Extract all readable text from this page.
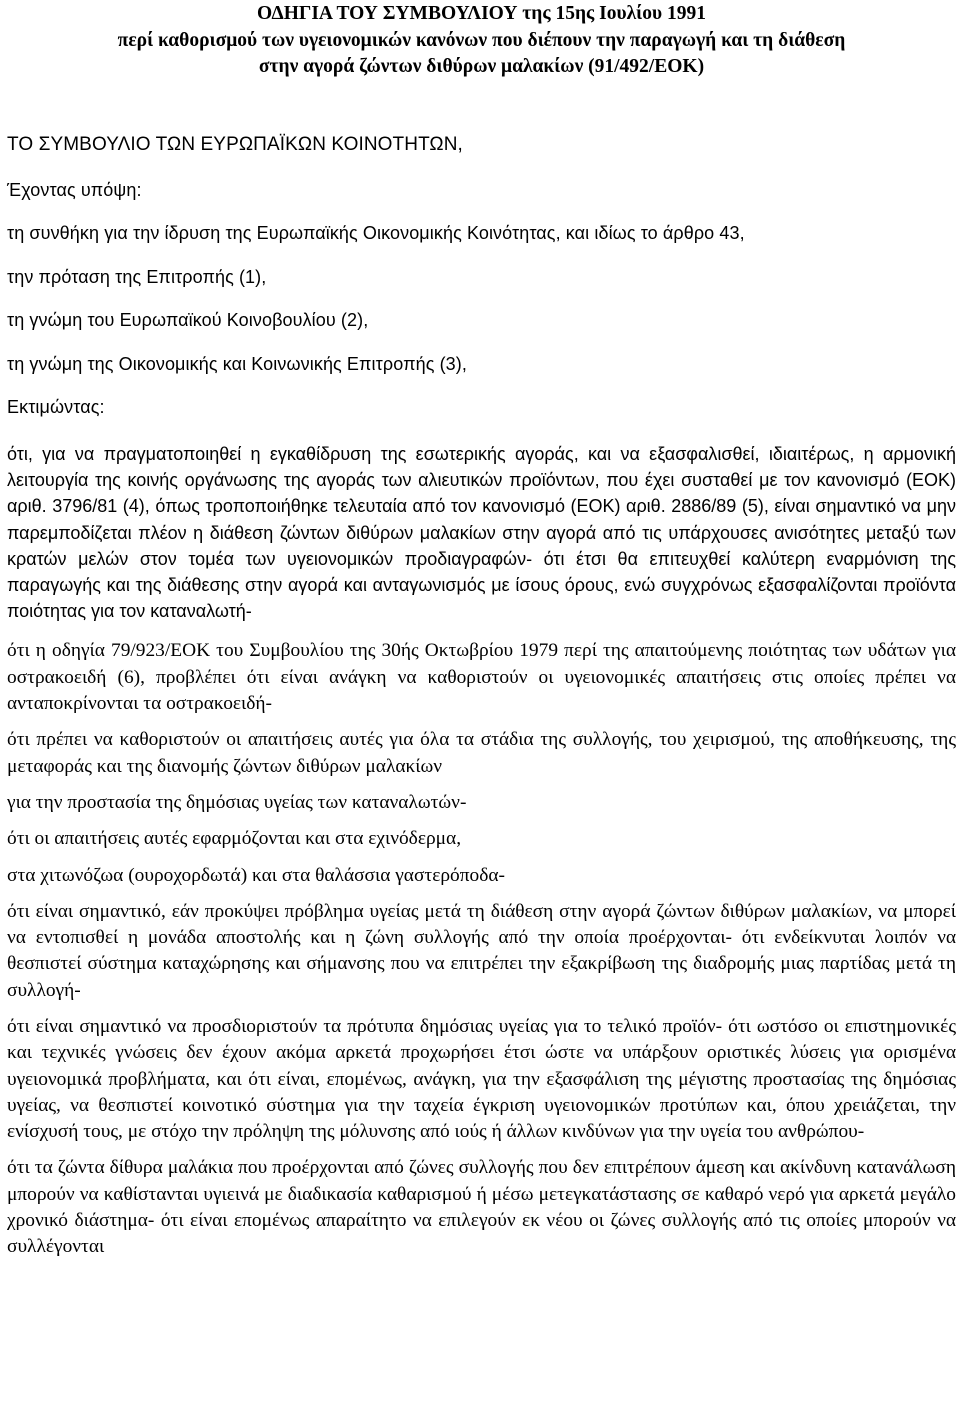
ΟΔΗΓΙΑ ΤΟΥ ΣΥΜΒΟΥΛΙΟΥ της 15ης Ιουλίου 1991
περί καθορισμού των υγειονομικών κανόνων που διέπουν την παραγωγή και τη διάθεση
στην αγορά ζώντων διθύρων μαλακίων (91/492/ΕΟΚ)

ΤΟ ΣΥΜΒΟΥΛΙΟ ΤΩΝ ΕΥΡΩΠΑΪΚΩΝ ΚΟΙΝΟΤΗΤΩΝ,

Έχοντας υπόψη:

τη συνθήκη για την ίδρυση της Ευρωπαϊκής Οικονομικής Κοινότητας, και ιδίως το άρθρο 43,

την πρόταση της Επιτροπής (1),

τη γνώμη του Ευρωπαϊκού Κοινοβουλίου (2),

τη γνώμη της Οικονομικής και Κοινωνικής Επιτροπής (3),

Εκτιμώντας:

ότι, για να πραγματοποιηθεί η εγκαθίδρυση της εσωτερικής αγοράς, και να εξασφαλισθεί, ιδιαιτέρως, η αρμονική λειτουργία της κοινής οργάνωσης της αγοράς των αλιευτικών προϊόντων, που έχει συσταθεί με τον κανονισμό (ΕΟΚ) αριθ. 3796/81 (4), όπως τροποποιήθηκε τελευταία από τον κανονισμό (ΕΟΚ) αριθ. 2886/89 (5), είναι σημαντικό να μην παρεμποδίζεται πλέον η διάθεση ζώντων διθύρων μαλακίων στην αγορά από τις υπάρχουσες ανισότητες μεταξύ των κρατών μελών στον τομέα των υγειονομικών προδιαγραφών- ότι έτσι θα επιτευχθεί καλύτερη εναρμόνιση της παραγωγής και της διάθεσης στην αγορά και ανταγωνισμός με ίσους όρους, ενώ συγχρόνως εξασφαλίζονται προϊόντα ποιότητας για τον καταναλωτή-

ότι η οδηγία 79/923/ΕΟΚ του Συμβουλίου της 30ής Οκτωβρίου 1979 περί της απαιτούμενης ποιότητας των υδάτων για οστρακοειδή (6), προβλέπει ότι είναι ανάγκη να καθοριστούν οι υγειονομικές απαιτήσεις στις οποίες πρέπει να ανταποκρίνονται τα οστρακοειδή-

ότι πρέπει να καθοριστούν οι απαιτήσεις αυτές για όλα τα στάδια της συλλογής, του χειρισμού, της αποθήκευσης, της μεταφοράς και της διανομής ζώντων διθύρων μαλακίων

για την προστασία της δημόσιας υγείας των καταναλωτών-

ότι οι απαιτήσεις αυτές εφαρμόζονται και στα εχινόδερμα,

στα χιτωνόζωα (ουροχορδωτά) και στα θαλάσσια γαστερόποδα-

ότι είναι σημαντικό, εάν προκύψει πρόβλημα υγείας μετά τη διάθεση στην αγορά ζώντων διθύρων μαλακίων, να μπορεί να εντοπισθεί η μονάδα αποστολής και η ζώνη συλλογής από την οποία προέρχονται- ότι ενδείκνυται λοιπόν να θεσπιστεί σύστημα καταχώρησης και σήμανσης που να επιτρέπει την εξακρίβωση της διαδρομής μιας παρτίδας μετά τη συλλογή-

ότι είναι σημαντικό να προσδιοριστούν τα πρότυπα δημόσιας υγείας για το τελικό προϊόν- ότι ωστόσο οι επιστημονικές και τεχνικές γνώσεις δεν έχουν ακόμα αρκετά προχωρήσει έτσι ώστε να υπάρξουν οριστικές λύσεις για ορισμένα υγειονομικά προβλήματα, και ότι είναι, επομένως, ανάγκη, για την εξασφάλιση της μέγιστης προστασίας της δημόσιας υγείας, να θεσπιστεί κοινοτικό σύστημα για την ταχεία έγκριση υγειονομικών προτύπων και, όπου χρειάζεται, την ενίσχυσή τους, με στόχο την πρόληψη της μόλυνσης από ιούς ή άλλων κινδύνων για την υγεία του ανθρώπου-

ότι τα ζώντα δίθυρα μαλάκια που προέρχονται από ζώνες συλλογής που δεν επιτρέπουν άμεση και ακίνδυνη κατανάλωση μπορούν να καθίστανται υγιεινά με διαδικασία καθαρισμού ή μέσω μετεγκατάστασης σε καθαρό νερό για αρκετά μεγάλο χρονικό διάστημα- ότι είναι επομένως απαραίτητο να επιλεγούν εκ νέου οι ζώνες συλλογής από τις οποίες μπορούν να συλλέγονται
